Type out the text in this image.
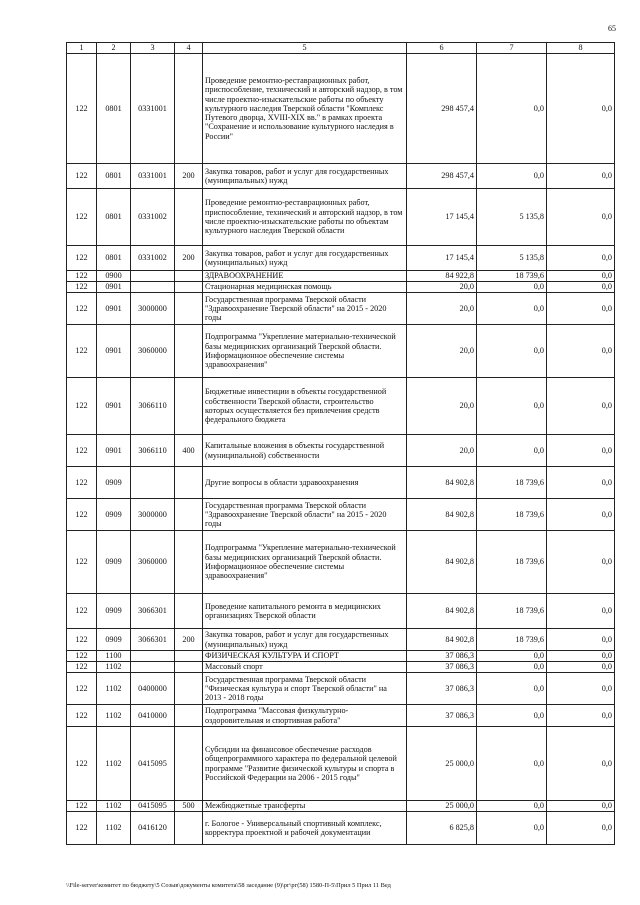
65
1	2	3	4	5	6	7	8
122	0801	0331001		Проведение ремонтно-реставрационных работ, приспособление, технический и авторский надзор, в том числе проектно-изыскательские работы по объекту культурного наследия Тверской области "Комплекс Путевого дворца, XVIII-XIX вв." в рамках проекта "Сохранение и использование культурного наследия в России"	298 457,4	0,0	0,0
122	0801	0331001	200	Закупка товаров, работ и услуг для государственных (муниципальных) нужд	298 457,4	0,0	0,0
122	0801	0331002		Проведение ремонтно-реставрационных работ, приспособление, технический и авторский надзор, в том числе проектно-изыскательские работы по объектам культурного наследия Тверской области	17 145,4	5 135,8	0,0
122	0801	0331002	200	Закупка товаров, работ и услуг для государственных (муниципальных) нужд	17 145,4	5 135,8	0,0
122	0900			ЗДРАВООХРАНЕНИЕ	84 922,8	18 739,6	0,0
122	0901			Стационарная медицинская помощь	20,0	0,0	0,0
122	0901	3000000		Государственная программа Тверской области "Здравоохранение Тверской области" на 2015 - 2020 годы	20,0	0,0	0,0
122	0901	3060000		Подпрограмма "Укрепление материально-технической базы медицинских организаций Тверской области. Информационное обеспечение системы здравоохранения"	20,0	0,0	0,0
122	0901	3066110		Бюджетные инвестиции в объекты государственной собственности Тверской области, строительство которых осуществляется без привлечения средств федерального бюджета	20,0	0,0	0,0
122	0901	3066110	400	Капитальные вложения в объекты государственной (муниципальной) собственности	20,0	0,0	0,0
122	0909			Другие вопросы в области здравоохранения	84 902,8	18 739,6	0,0
122	0909	3000000		Государственная программа Тверской области "Здравоохранение Тверской области" на 2015 - 2020 годы	84 902,8	18 739,6	0,0
122	0909	3060000		Подпрограмма "Укрепление материально-технической базы медицинских организаций Тверской области. Информационное обеспечение системы здравоохранения"	84 902,8	18 739,6	0,0
122	0909	3066301		Проведение капитального ремонта в медицинских организациях Тверской области	84 902,8	18 739,6	0,0
122	0909	3066301	200	Закупка товаров, работ и услуг для государственных (муниципальных) нужд	84 902,8	18 739,6	0,0
122	1100			ФИЗИЧЕСКАЯ КУЛЬТУРА И СПОРТ	37 086,3	0,0	0,0
122	1102			Массовый спорт	37 086,3	0,0	0,0
122	1102	0400000		Государственная программа Тверской области "Физическая культура и спорт Тверской области" на 2013 - 2018 годы	37 086,3	0,0	0,0
122	1102	0410000		Подпрограмма "Массовая физкультурно-оздоровительная и спортивная работа"	37 086,3	0,0	0,0
122	1102	0415095		Субсидии на финансовое обеспечение расходов общепрограммного характера по федеральной целевой программе "Развитие физической культуры и спорта в Российской Федерации на 2006 - 2015 годы"	25 000,0	0,0	0,0
122	1102	0415095	500	Межбюджетные трансферты	25 000,0	0,0	0,0
122	1102	0416120		г. Бологое - Универсальный спортивный комплекс, корректура проектной и рабочей документации	6 825,8	0,0	0,0
\\File-server\комитет по бюджету\5 Созыв\документы комитета\58 заседание (9)\рг\рг(58) 1580-П-5\Прил 5 Прил 11 Вед
